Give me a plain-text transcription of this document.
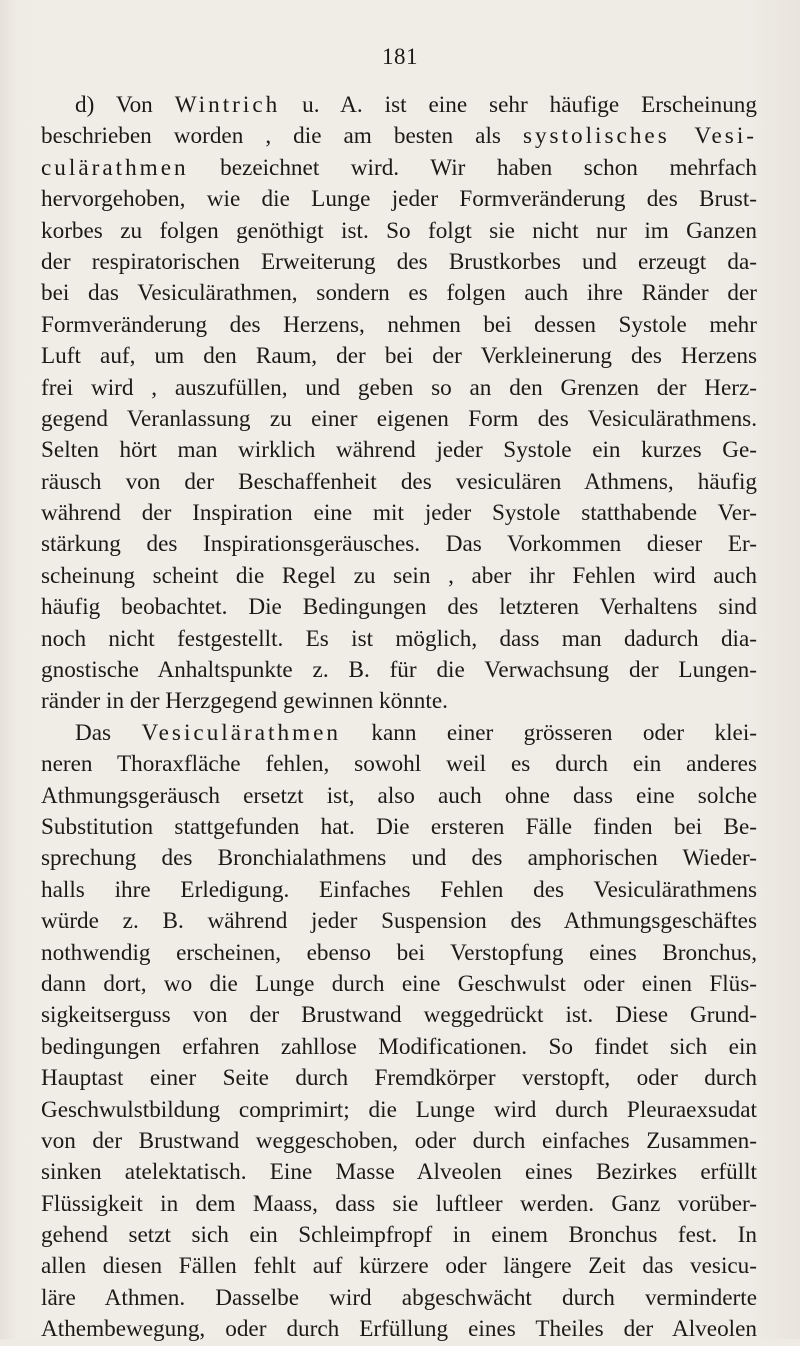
181
d) Von Wintrich u. A. ist eine sehr häufige Erscheinung
beschrieben worden , die am besten als systolisches Vesi-
culärathmen bezeichnet wird. Wir haben schon mehrfach
hervorgehoben, wie die Lunge jeder Formveränderung des Brust-
korbes zu folgen genöthigt ist. So folgt sie nicht nur im Ganzen
der respiratorischen Erweiterung des Brustkorbes und erzeugt da-
bei das Vesiculärathmen, sondern es folgen auch ihre Ränder der
Formveränderung des Herzens, nehmen bei dessen Systole mehr
Luft auf, um den Raum, der bei der Verkleinerung des Herzens
frei wird , auszufüllen, und geben so an den Grenzen der Herz-
gegend Veranlassung zu einer eigenen Form des Vesiculärathmens.
Selten hört man wirklich während jeder Systole ein kurzes Ge-
räusch von der Beschaffenheit des vesiculären Athmens, häufig
während der Inspiration eine mit jeder Systole statthabende Ver-
stärkung des Inspirationsgeräusches. Das Vorkommen dieser Er-
scheinung scheint die Regel zu sein , aber ihr Fehlen wird auch
häufig beobachtet. Die Bedingungen des letzteren Verhaltens sind
noch nicht festgestellt. Es ist möglich, dass man dadurch dia-
gnostische Anhaltspunkte z. B. für die Verwachsung der Lungen-
ränder in der Herzgegend gewinnen könnte.
Das Vesiculärathmen kann einer grösseren oder klei-
neren Thoraxfläche fehlen, sowohl weil es durch ein anderes
Athmungsgeräusch ersetzt ist, also auch ohne dass eine solche
Substitution stattgefunden hat. Die ersteren Fälle finden bei Be-
sprechung des Bronchialathmens und des amphorischen Wieder-
halls ihre Erledigung. Einfaches Fehlen des Vesiculärathmens
würde z. B. während jeder Suspension des Athmungsgeschäftes
nothwendig erscheinen, ebenso bei Verstopfung eines Bronchus,
dann dort, wo die Lunge durch eine Geschwulst oder einen Flüs-
sigkeitserguss von der Brustwand weggedrückt ist. Diese Grund-
bedingungen erfahren zahllose Modificationen. So findet sich ein
Hauptast einer Seite durch Fremdkörper verstopft, oder durch
Geschwulstbildung comprimirt; die Lunge wird durch Pleuraexsudat
von der Brustwand weggeschoben, oder durch einfaches Zusammen-
sinken atelektatisch. Eine Masse Alveolen eines Bezirkes erfüllt
Flüssigkeit in dem Maass, dass sie luftleer werden. Ganz vorüber-
gehend setzt sich ein Schleimpfropf in einem Bronchus fest. In
allen diesen Fällen fehlt auf kürzere oder längere Zeit das vesicu-
läre Athmen. Dasselbe wird abgeschwächt durch verminderte
Athembewegung, oder durch Erfüllung eines Theiles der Alveolen
